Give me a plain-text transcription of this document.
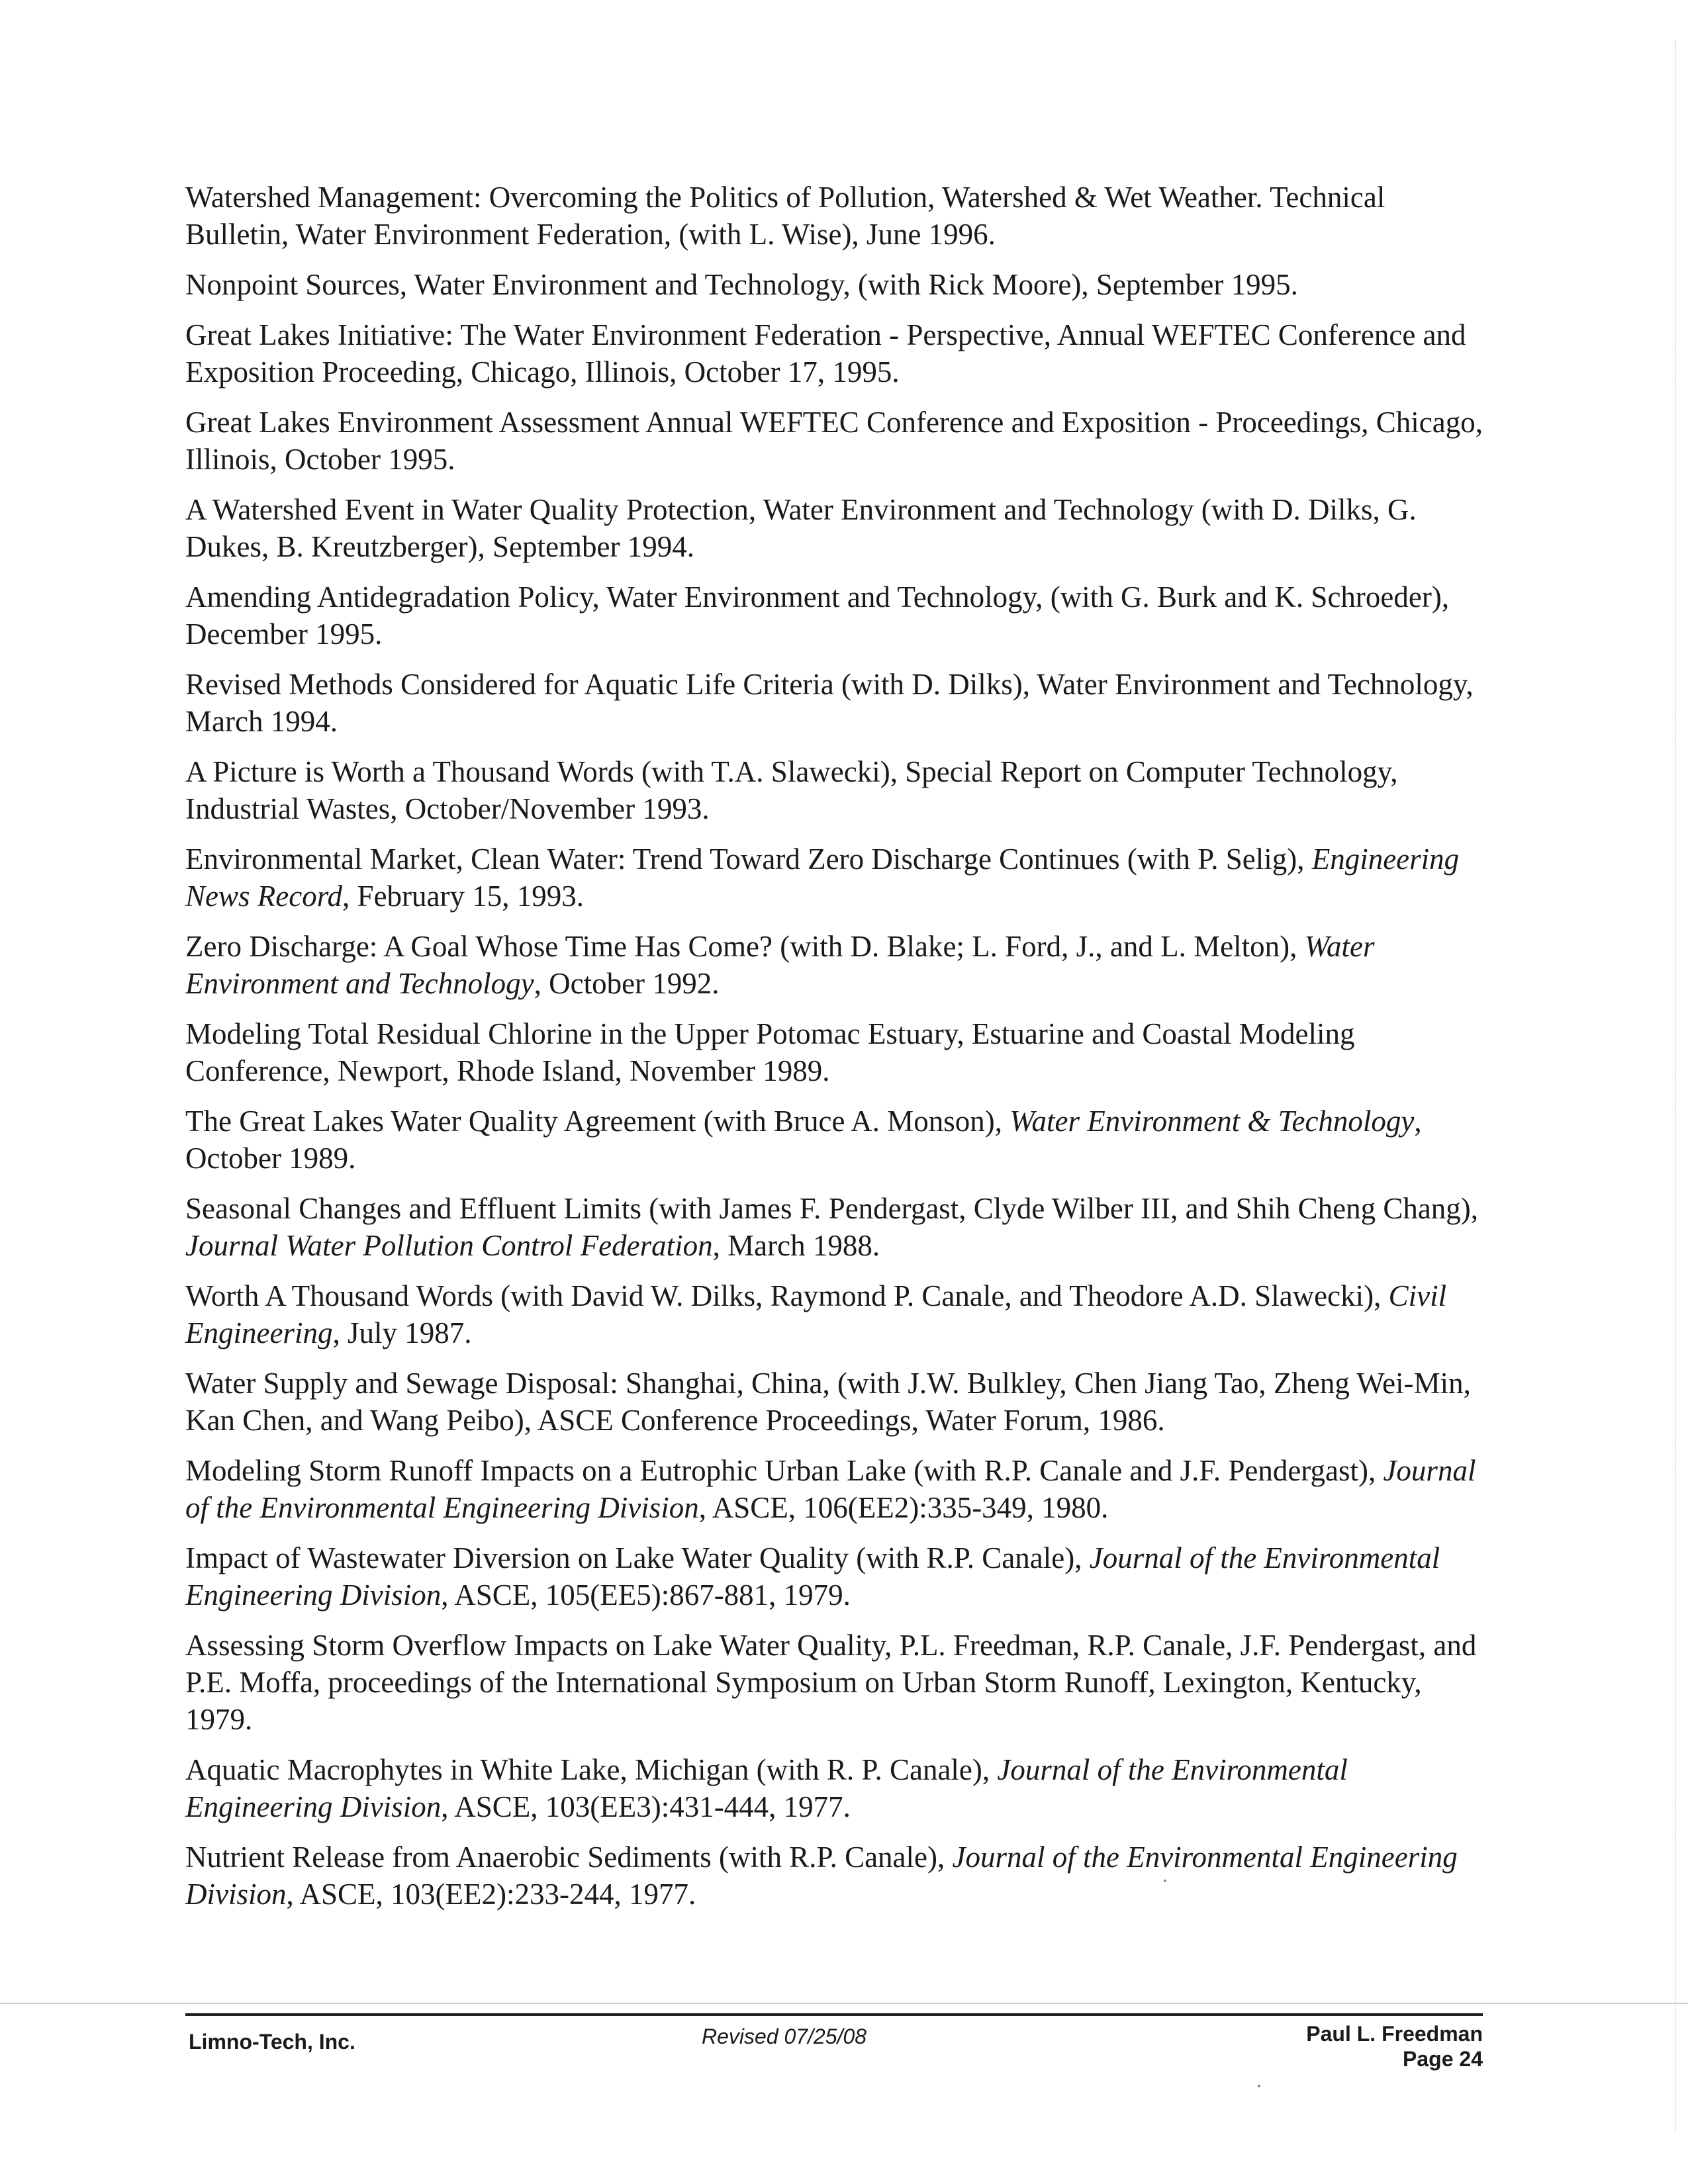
Watershed Management: Overcoming the Politics of Pollution, Watershed & Wet Weather. Technical Bulletin, Water Environment Federation, (with L. Wise), June 1996.

Nonpoint Sources, Water Environment and Technology, (with Rick Moore), September 1995.

Great Lakes Initiative: The Water Environment Federation - Perspective, Annual WEFTEC Conference and Exposition Proceeding, Chicago, Illinois, October 17, 1995.

Great Lakes Environment Assessment Annual WEFTEC Conference and Exposition - Proceedings, Chicago, Illinois, October 1995.

A Watershed Event in Water Quality Protection, Water Environment and Technology (with D. Dilks, G. Dukes, B. Kreutzberger), September 1994.

Amending Antidegradation Policy, Water Environment and Technology, (with G. Burk and K. Schroeder), December 1995.

Revised Methods Considered for Aquatic Life Criteria (with D. Dilks), Water Environment and Technology, March 1994.

A Picture is Worth a Thousand Words (with T.A. Slawecki), Special Report on Computer Technology, Industrial Wastes, October/November 1993.

Environmental Market, Clean Water: Trend Toward Zero Discharge Continues (with P. Selig), Engineering News Record, February 15, 1993.

Zero Discharge: A Goal Whose Time Has Come? (with D. Blake; L. Ford, J., and L. Melton), Water Environment and Technology, October 1992.

Modeling Total Residual Chlorine in the Upper Potomac Estuary, Estuarine and Coastal Modeling Conference, Newport, Rhode Island, November 1989.

The Great Lakes Water Quality Agreement (with Bruce A. Monson), Water Environment & Technology, October 1989.

Seasonal Changes and Effluent Limits (with James F. Pendergast, Clyde Wilber III, and Shih Cheng Chang), Journal Water Pollution Control Federation, March 1988.

Worth A Thousand Words (with David W. Dilks, Raymond P. Canale, and Theodore A.D. Slawecki), Civil Engineering, July 1987.

Water Supply and Sewage Disposal: Shanghai, China, (with J.W. Bulkley, Chen Jiang Tao, Zheng Wei-Min, Kan Chen, and Wang Peibo), ASCE Conference Proceedings, Water Forum, 1986.

Modeling Storm Runoff Impacts on a Eutrophic Urban Lake (with R.P. Canale and J.F. Pendergast), Journal of the Environmental Engineering Division, ASCE, 106(EE2):335-349, 1980.

Impact of Wastewater Diversion on Lake Water Quality (with R.P. Canale), Journal of the Environmental Engineering Division, ASCE, 105(EE5):867-881, 1979.

Assessing Storm Overflow Impacts on Lake Water Quality, P.L. Freedman, R.P. Canale, J.F. Pendergast, and P.E. Moffa, proceedings of the International Symposium on Urban Storm Runoff, Lexington, Kentucky, 1979.

Aquatic Macrophytes in White Lake, Michigan (with R. P. Canale), Journal of the Environmental Engineering Division, ASCE, 103(EE3):431-444, 1977.

Nutrient Release from Anaerobic Sediments (with R.P. Canale), Journal of the Environmental Engineering Division, ASCE, 103(EE2):233-244, 1977.

Limno-Tech, Inc.	Revised 07/25/08	Paul L. Freedman
Page 24
